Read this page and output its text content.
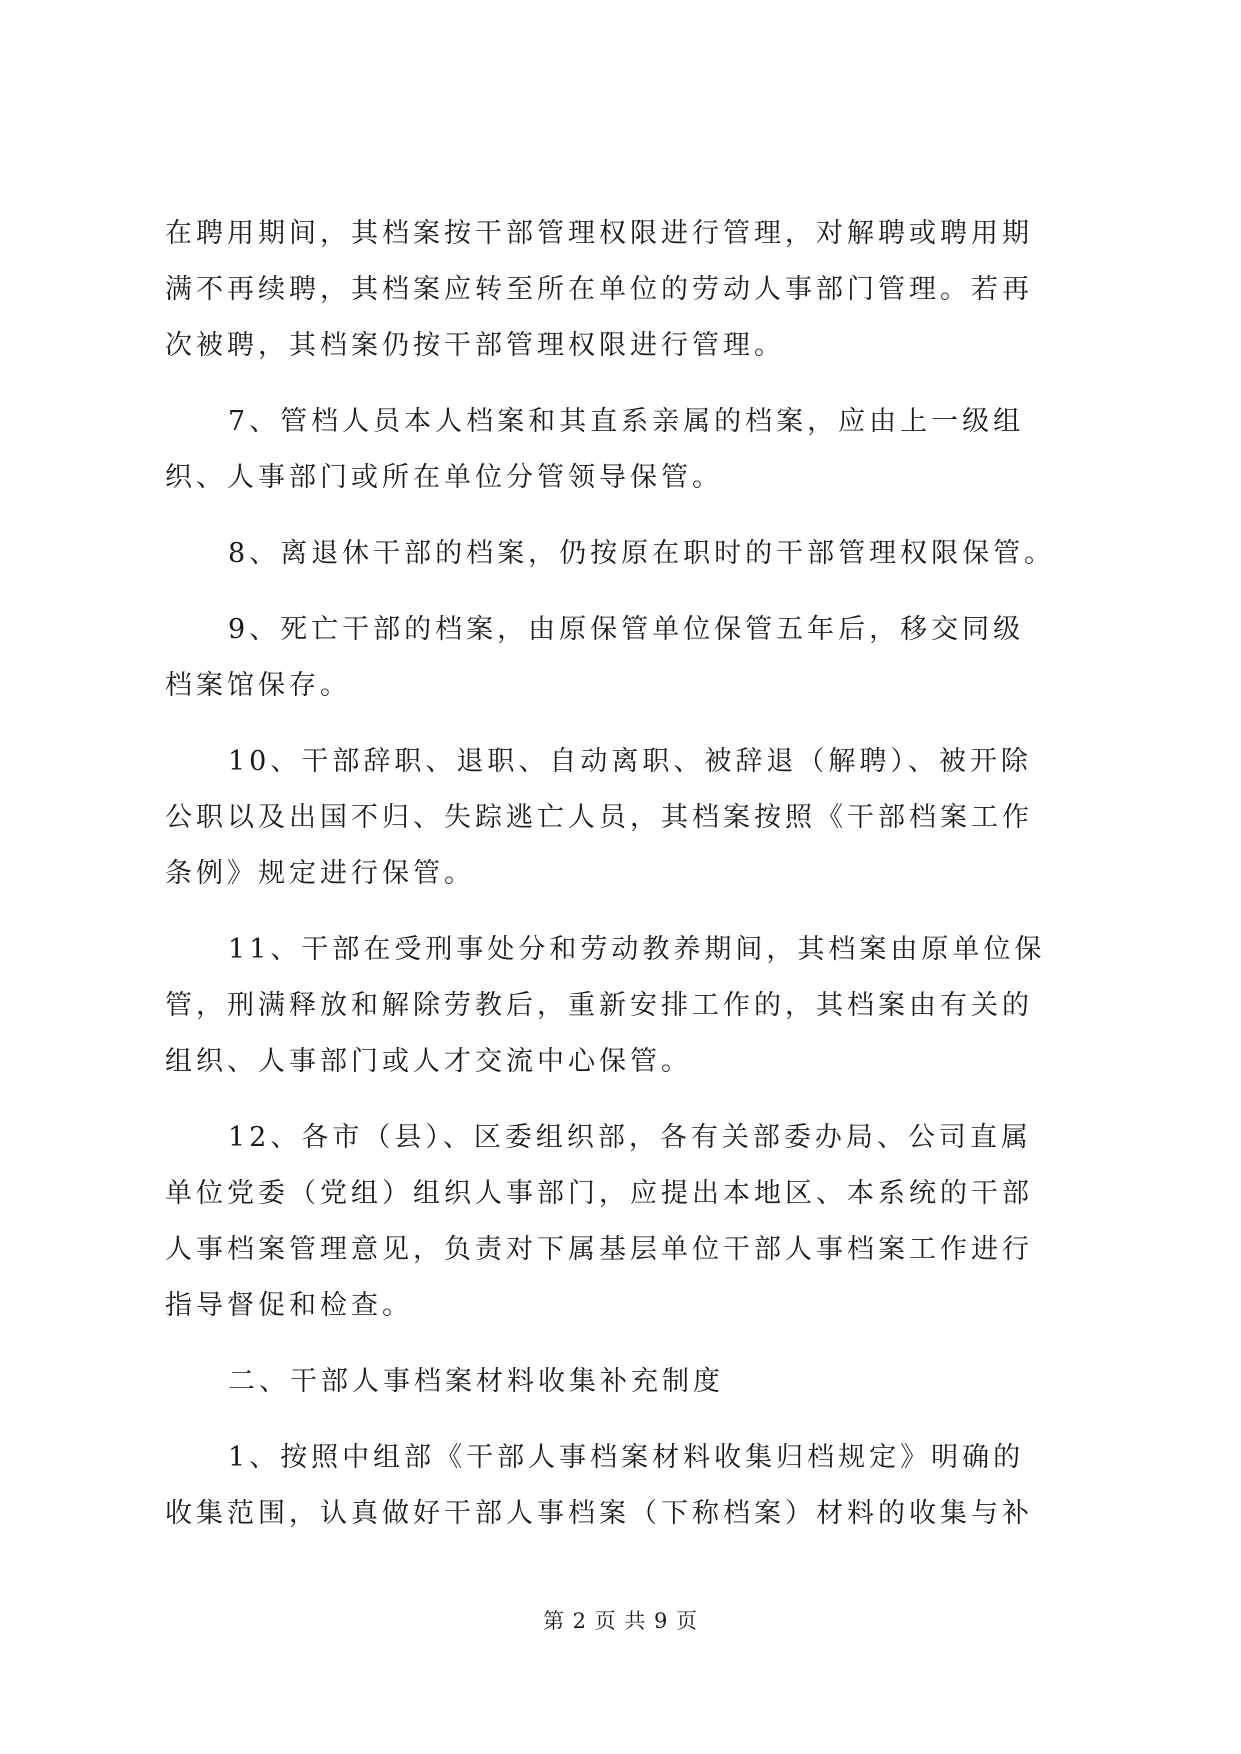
在聘用期间，其档案按干部管理权限进行管理，对解聘或聘用期
满不再续聘，其档案应转至所在单位的劳动人事部门管理。若再
次被聘，其档案仍按干部管理权限进行管理。
7、管档人员本人档案和其直系亲属的档案，应由上一级组
织、人事部门或所在单位分管领导保管。
8、离退休干部的档案，仍按原在职时的干部管理权限保管。
9、死亡干部的档案，由原保管单位保管五年后，移交同级
档案馆保存。
10、干部辞职、退职、自动离职、被辞退（解聘）、被开除
公职以及出国不归、失踪逃亡人员，其档案按照《干部档案工作
条例》规定进行保管。
11、干部在受刑事处分和劳动教养期间，其档案由原单位保
管，刑满释放和解除劳教后，重新安排工作的，其档案由有关的
组织、人事部门或人才交流中心保管。
12、各市（县）、区委组织部，各有关部委办局、公司直属
单位党委（党组）组织人事部门，应提出本地区、本系统的干部
人事档案管理意见，负责对下属基层单位干部人事档案工作进行
指导督促和检查。
二、干部人事档案材料收集补充制度
1、按照中组部《干部人事档案材料收集归档规定》明确的
收集范围，认真做好干部人事档案（下称档案）材料的收集与补
第 2 页 共 9 页
